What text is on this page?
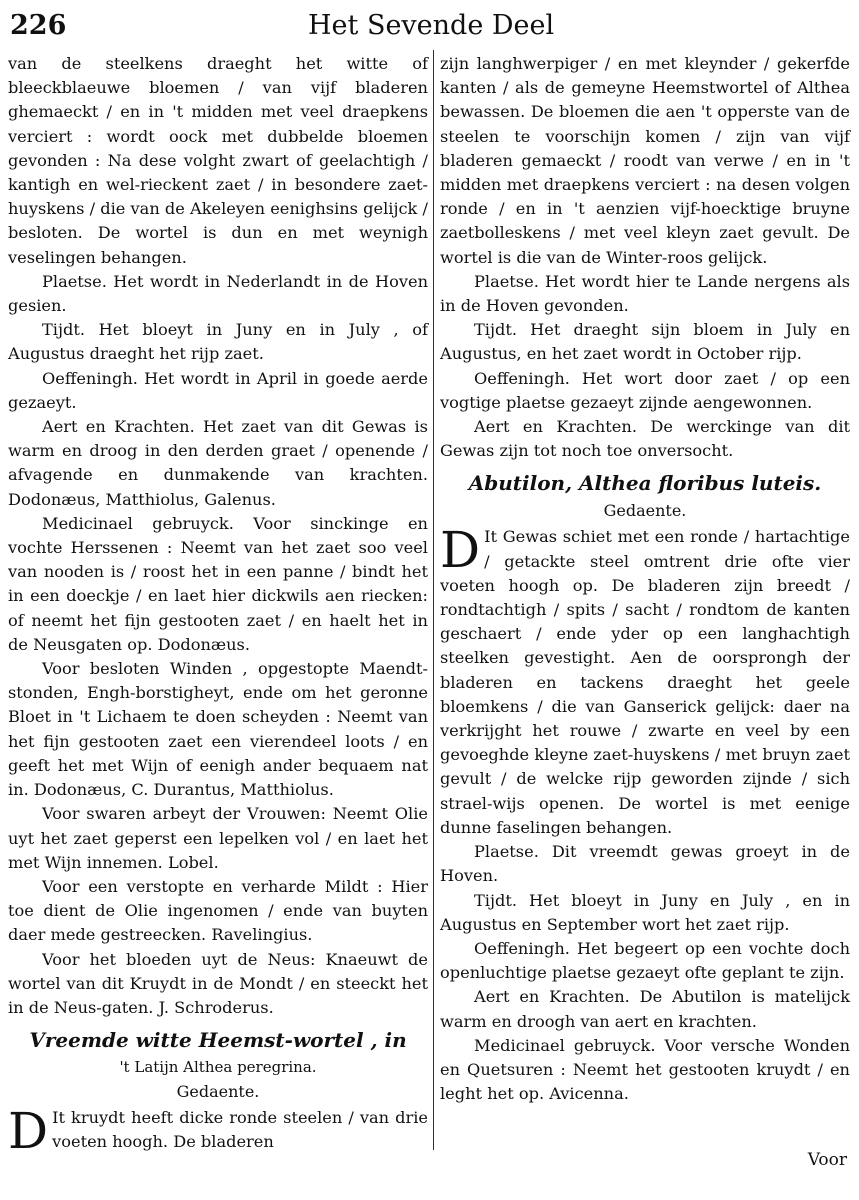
226	Het Sevende Deel

van de steelkens draeght het witte of bleeckblaeuwe bloemen / van vijf bladeren ghemaeckt / en in 't midden met veel draepkens verciert : wordt oock met dubbelde bloemen gevonden : Na dese volght zwart of geelachtigh / kantigh en wel-rieckent zaet / in besondere zaet-huyskens / die van de Akeleyen eenighsins gelijck / besloten. De wortel is dun en met weynigh veselingen behangen.

Plaetse. Het wordt in Nederlandt in de Hoven gesien.

Tijdt. Het bloeyt in Juny en in July , of Augustus draeght het rijp zaet.

Oeffeningh. Het wordt in April in goede aerde gezaeyt.

Aert en Krachten. Het zaet van dit Gewas is warm en droog in den derden graet / openende / afvagende en dunmakende van krachten. Dodonæus, Matthiolus, Galenus.

Medicinael gebruyck. Voor sinckinge en vochte Herssenen : Neemt van het zaet soo veel van nooden is / roost het in een panne / bindt het in een doeckje / en laet hier dickwils aen riecken: of neemt het fijn gestooten zaet / en haelt het in de Neusgaten op. Dodonæus.

Voor besloten Winden , opgestopte Maendt-stonden, Engh-borstigheyt, ende om het geronne Bloet in 't Lichaem te doen scheyden : Neemt van het fijn gestooten zaet een vierendeel loots / en geeft het met Wijn of eenigh ander bequaem nat in. Dodonæus, C. Durantus, Matthiolus.

Voor swaren arbeyt der Vrouwen: Neemt Olie uyt het zaet geperst een lepelken vol / en laet het met Wijn innemen. Lobel.

Voor een verstopte en verharde Mildt : Hier toe dient de Olie ingenomen / ende van buyten daer mede gestreecken. Ravelingius.

Voor het bloeden uyt de Neus: Knaeuwt de wortel van dit Kruydt in de Mondt / en steeckt het in de Neus-gaten. J. Schroderus.

Vreemde witte Heemst-wortel , in
't Latijn Althea peregrina.
Gedaente.

D It kruydt heeft dicke ronde steelen / van drie voeten hoogh. De bladeren

zijn langhwerpiger / en met kleynder / gekerfde kanten / als de gemeyne Heemstwortel of Althea bewassen. De bloemen die aen 't opperste van de steelen te voorschijn komen / zijn van vijf bladeren gemaeckt / roodt van verwe / en in 't midden met draepkens verciert : na desen volgen ronde / en in 't aenzien vijf-hoecktige bruyne zaetbolleskens / met veel kleyn zaet gevult. De wortel is die van de Winter-roos gelijck.

Plaetse. Het wordt hier te Lande nergens als in de Hoven gevonden.

Tijdt. Het draeght sijn bloem in July en Augustus, en het zaet wordt in October rijp.

Oeffeningh. Het wort door zaet / op een vogtige plaetse gezaeyt zijnde aengewonnen.

Aert en Krachten. De werckinge van dit Gewas zijn tot noch toe onversocht.

Abutilon, Althea floribus luteis.
Gedaente.

D It Gewas schiet met een ronde / hartachtige / getackte steel omtrent drie ofte vier voeten hoogh op. De bladeren zijn breedt / rondtachtigh / spits / sacht / rondtom de kanten geschaert / ende yder op een langhachtigh steelken gevestight. Aen de oorsprongh der bladeren en tackens draeght het geele bloemkens / die van Ganserick gelijck: daer na verkrijght het rouwe / zwarte en veel by een gevoeghde kleyne zaet-huyskens / met bruyn zaet gevult / de welcke rijp geworden zijnde / sich strael-wijs openen. De wortel is met eenige dunne faselingen behangen.

Plaetse. Dit vreemdt gewas groeyt in de Hoven.

Tijdt. Het bloeyt in Juny en July , en in Augustus en September wort het zaet rijp.

Oeffeningh. Het begeert op een vochte doch openluchtige plaetse gezaeyt ofte geplant te zijn.

Aert en Krachten. De Abutilon is matelijck warm en droogh van aert en krachten.

Medicinael gebruyck. Voor versche Wonden en Quetsuren : Neemt het gestooten kruydt / en leght het op. Avicenna.

Voor
